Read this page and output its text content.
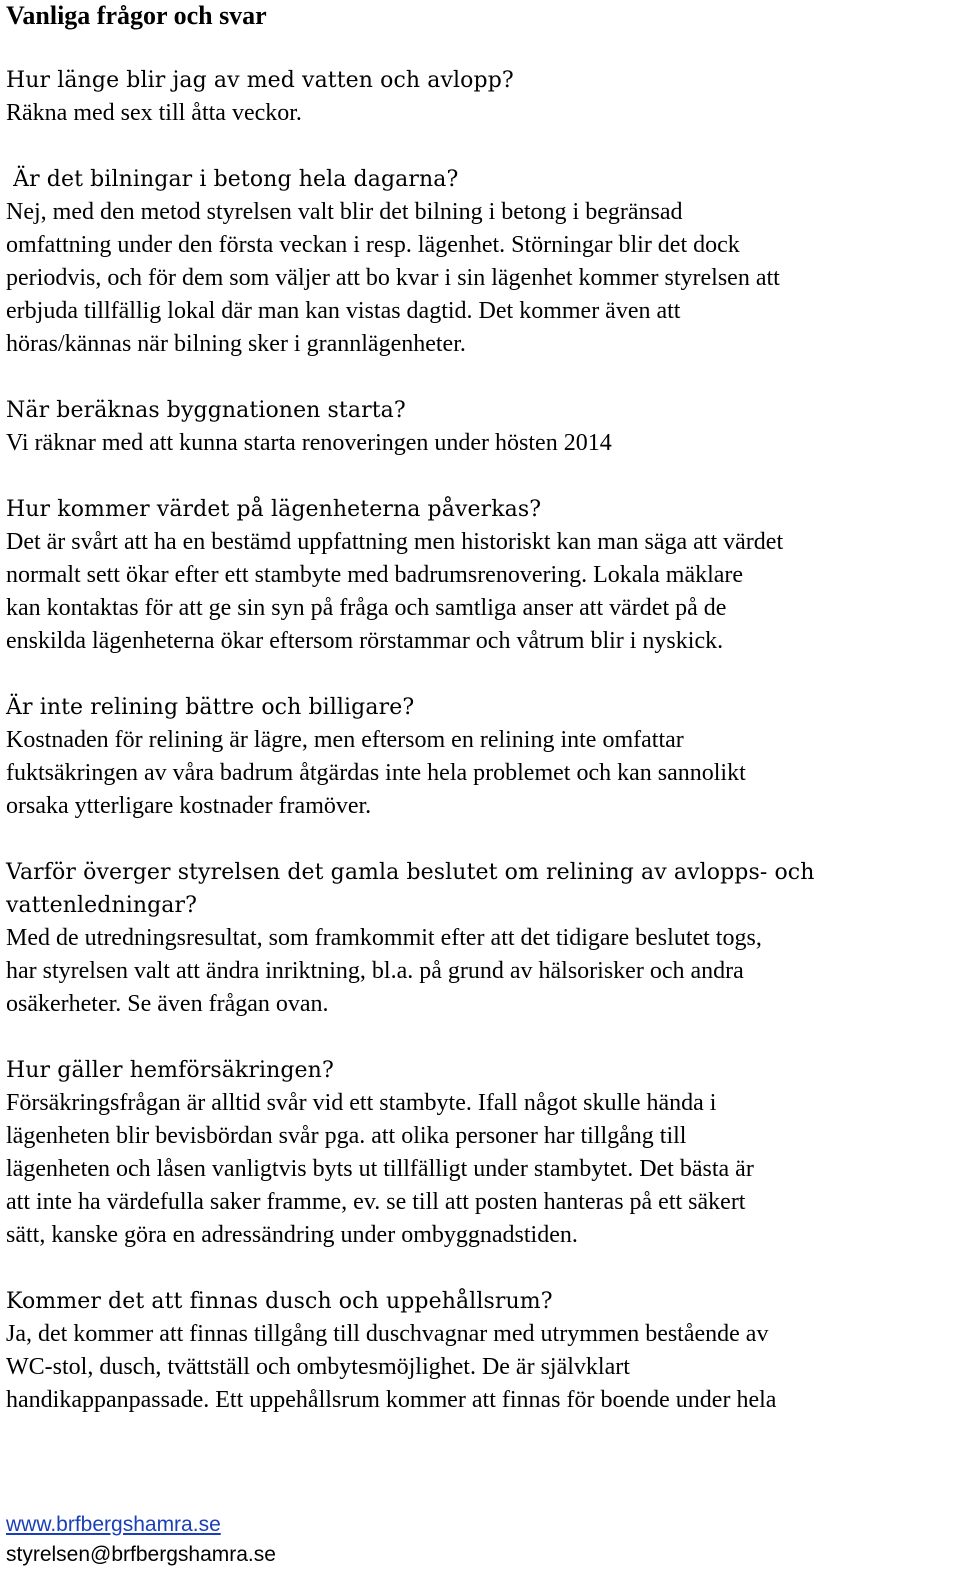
Vanliga frågor och svar

Hur länge blir jag av med vatten och avlopp?

Räkna med sex till åtta veckor.

Är det bilningar i betong hela dagarna?

Nej, med den metod styrelsen valt blir det bilning i betong i begränsad
omfattning under den första veckan i resp. lägenhet. Störningar blir det dock
periodvis, och för dem som väljer att bo kvar i sin lägenhet kommer styrelsen att
erbjuda tillfällig lokal där man kan vistas dagtid. Det kommer även att
höras/kännas när bilning sker i grannlägenheter.

När beräknas byggnationen starta?

Vi räknar med att kunna starta renoveringen under hösten 2014

Hur kommer värdet på lägenheterna påverkas?

Det är svårt att ha en bestämd uppfattning men historiskt kan man säga att värdet
normalt sett ökar efter ett stambyte med badrumsrenovering. Lokala mäklare
kan kontaktas för att ge sin syn på fråga och samtliga anser att värdet på de
enskilda lägenheterna ökar eftersom rörstammar och våtrum blir i nyskick.

Är inte relining bättre och billigare?

Kostnaden för relining är lägre, men eftersom en relining inte omfattar
fuktsäkringen av våra badrum åtgärdas inte hela problemet och kan sannolikt
orsaka ytterligare kostnader framöver.

Varför överger styrelsen det gamla beslutet om relining av avlopps- och
vattenledningar?

Med de utredningsresultat, som framkommit efter att det tidigare beslutet togs,
har styrelsen valt att ändra inriktning, bl.a. på grund av hälsorisker och andra
osäkerheter. Se även frågan ovan.

Hur gäller hemförsäkringen?

Försäkringsfrågan är alltid svår vid ett stambyte. Ifall något skulle hända i
lägenheten blir bevisbördan svår pga. att olika personer har tillgång till
lägenheten och låsen vanligtvis byts ut tillfälligt under stambytet. Det bästa är
att inte ha värdefulla saker framme, ev. se till att posten hanteras på ett säkert
sätt, kanske göra en adressändring under ombyggnadstiden.

Kommer det att finnas dusch och uppehållsrum?

Ja, det kommer att finnas tillgång till duschvagnar med utrymmen bestående av
WC-stol, dusch, tvättställ och ombytesmöjlighet. De är självklart
handikappanpassade. Ett uppehållsrum kommer att finnas för boende under hela

www.brfbergshamra.se
styrelsen@brfbergshamra.se
